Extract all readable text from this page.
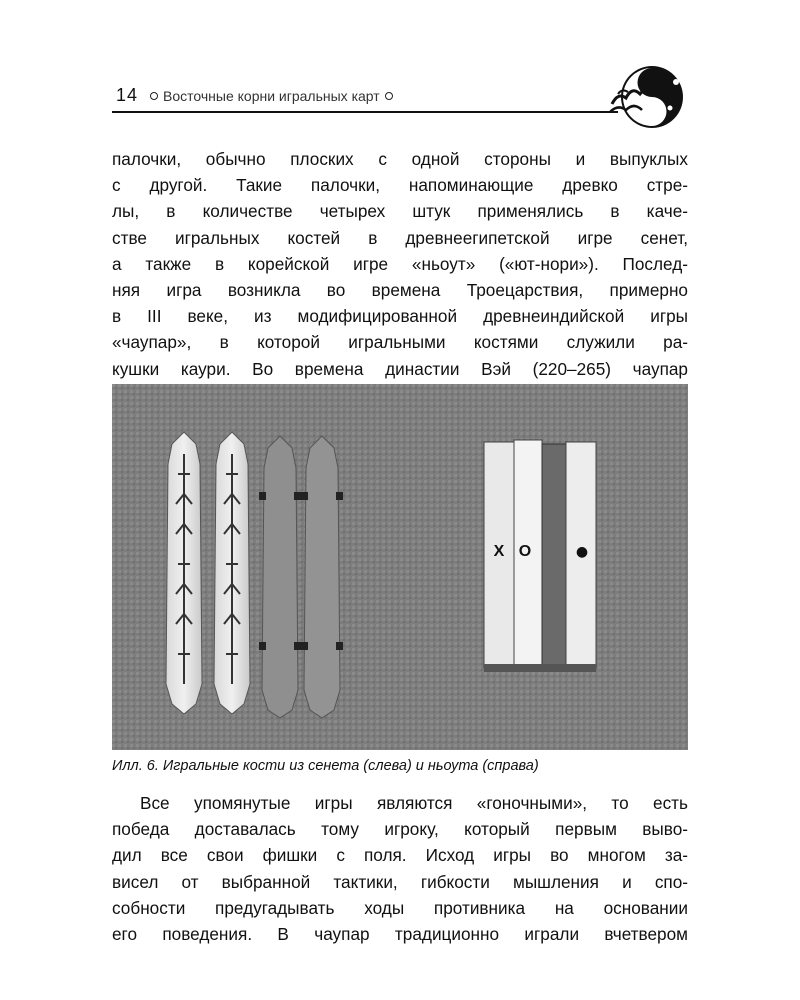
14 Восточные корни игральных карт
палочки, обычно плоских с одной стороны и выпуклых
с другой. Такие палочки, напоминающие древко стре-
лы, в количестве четырех штук применялись в каче-
стве игральных костей в древнеегипетской игре сенет,
а также в корейской игре «ньоут» («ют-нори»). Послед-
няя игра возникла во времена Троецарствия, примерно
в III веке, из модифицированной древнеиндийской игры
«чаупар», в которой игральными костями служили ра-
кушки каури. Во времена династии Вэй (220–265) чаупар
X O	●
Илл. 6. Игральные кости из сенета (слева) и ньоута (справа)
Все упомянутые игры являются «гоночными», то есть
победа доставалась тому игроку, который первым выво-
дил все свои фишки с поля. Исход игры во многом за-
висел от выбранной тактики, гибкости мышления и спо-
собности предугадывать ходы противника на основании
его поведения. В чаупар традиционно играли вчетвером
